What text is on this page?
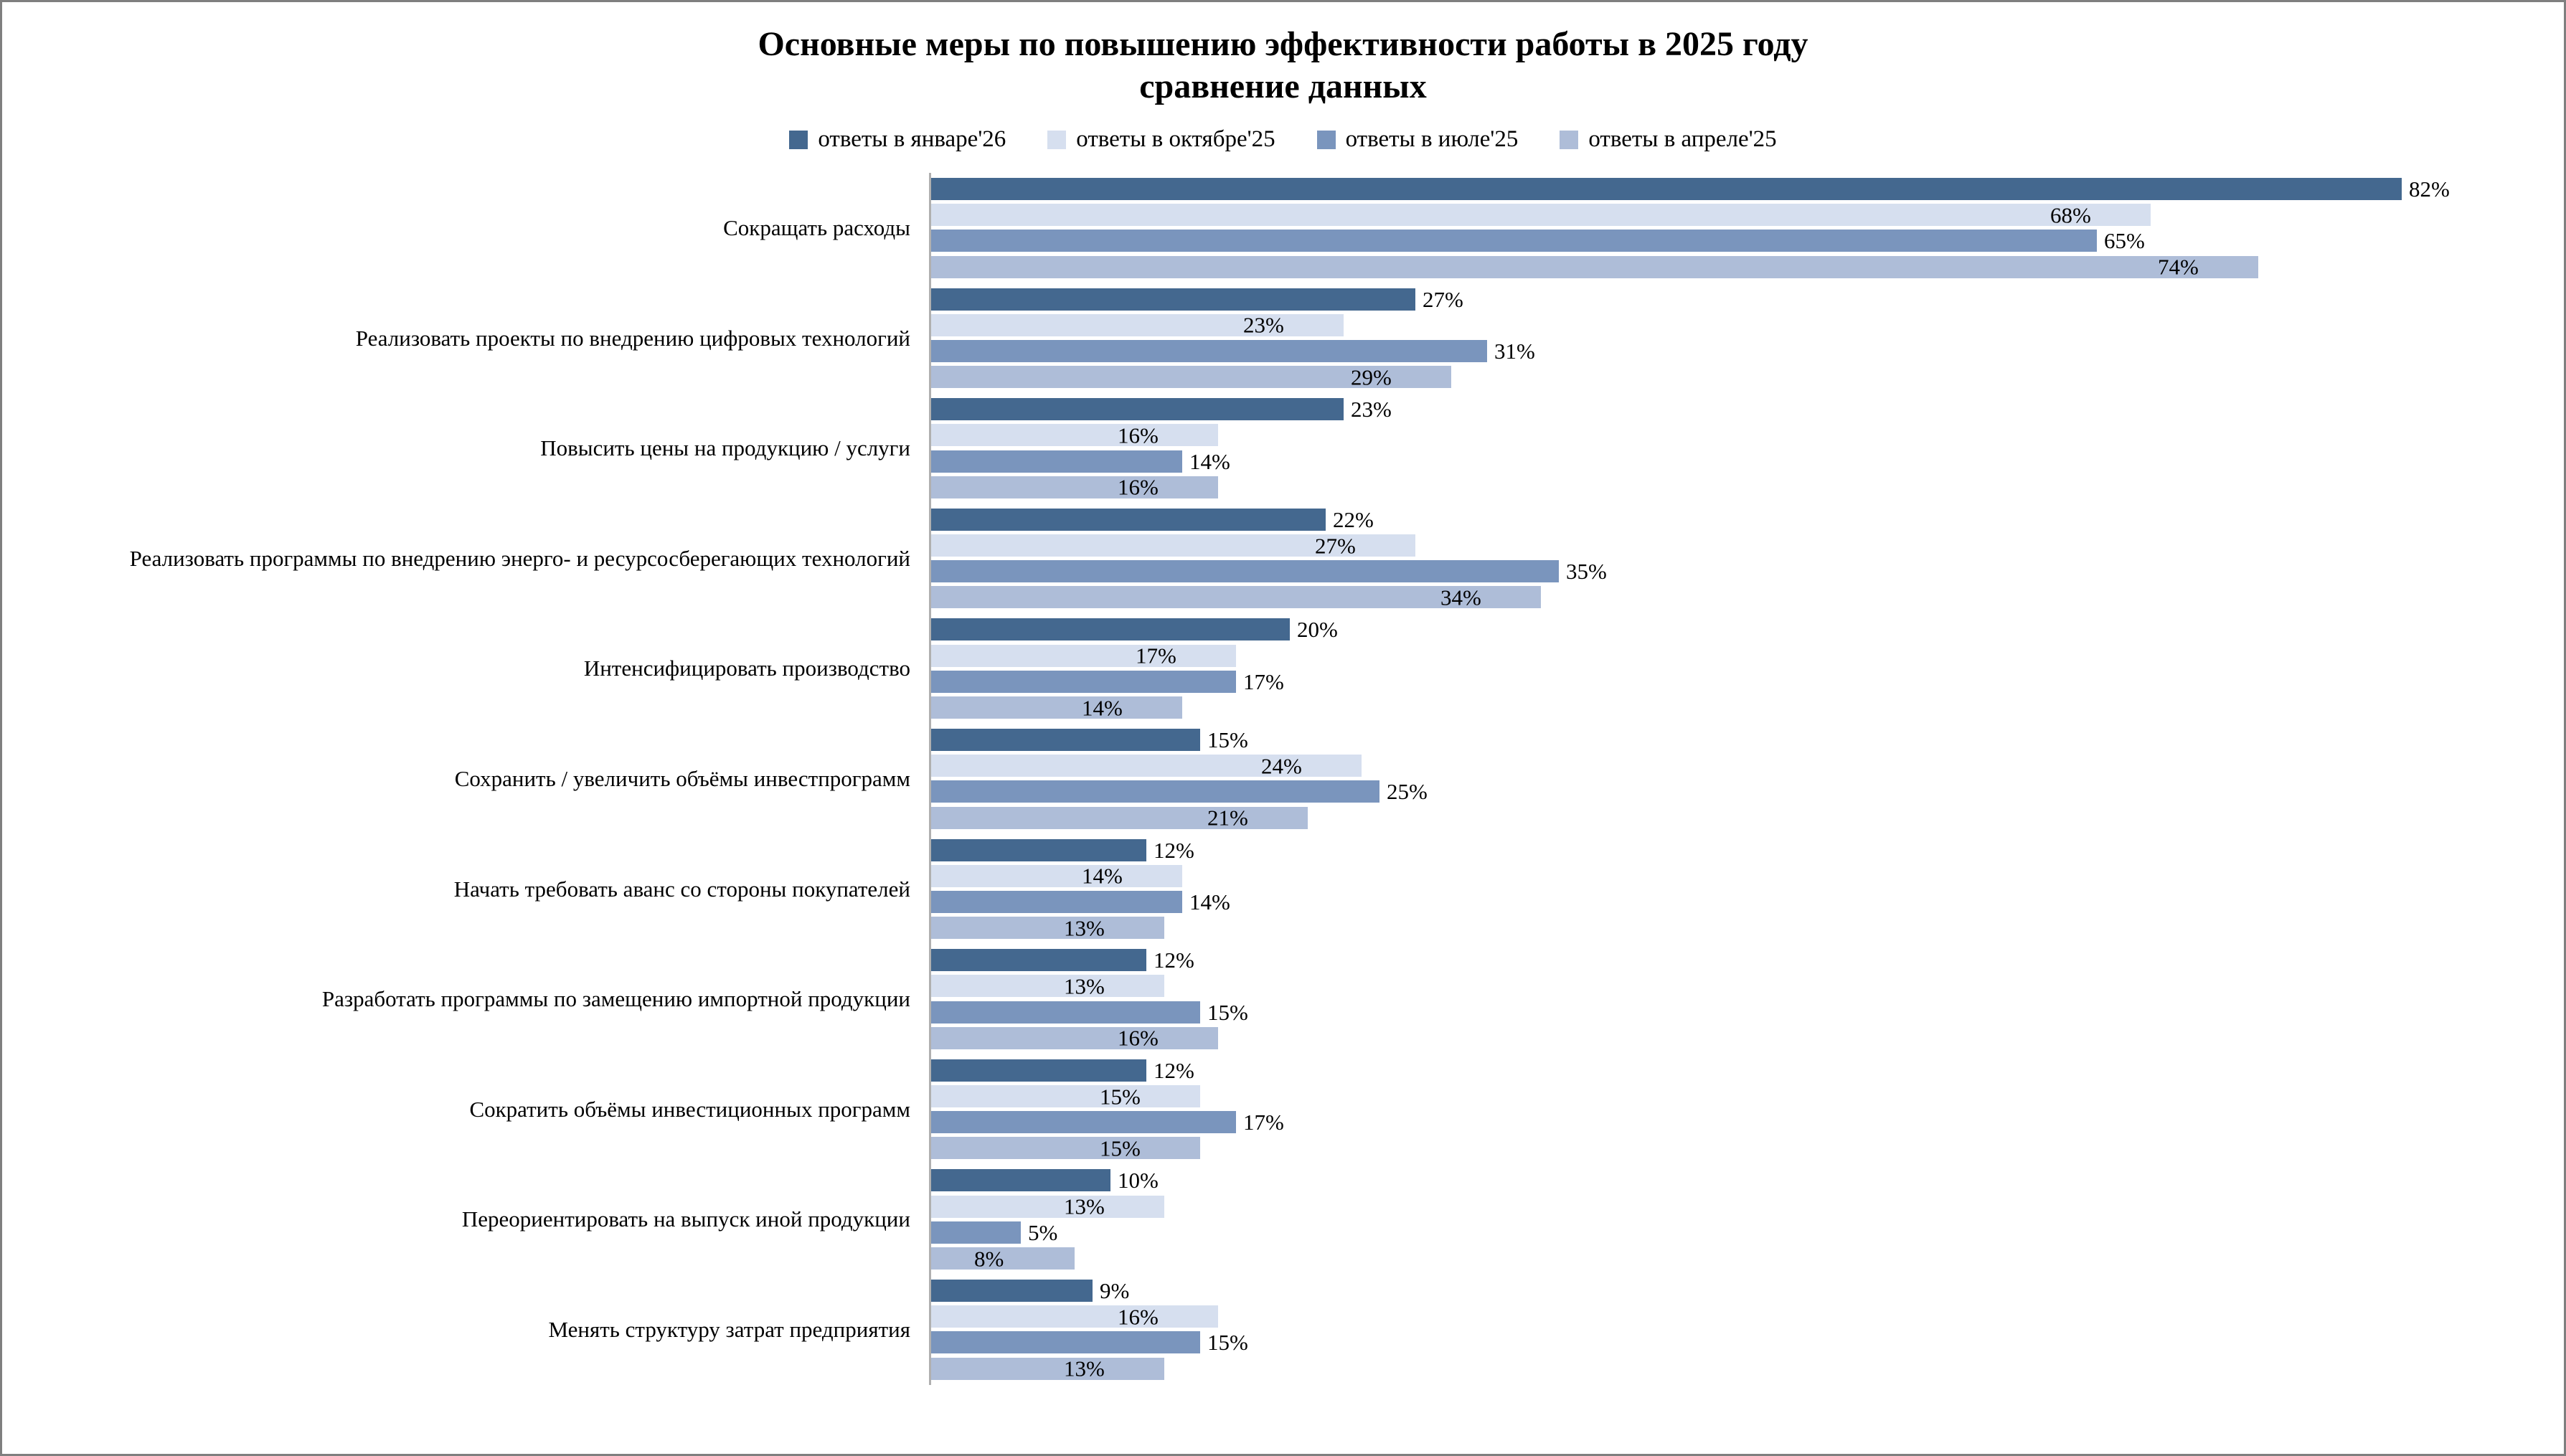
Основные меры по повышению эффективности работы в 2025 году
сравнение данных
ответы в январе'26	ответы в октябре'25	ответы в июле'25	ответы в апреле'25
Сокращать расходы
82%
68%
65%
74%
Реализовать проекты по внедрению цифровых технологий
27%
23%
31%
29%
Повысить цены на продукцию / услуги
23%
16%
14%
16%
Реализовать программы по внедрению энерго- и ресурсосберегающих технологий
22%
27%
35%
34%
Интенсифицировать производство
20%
17%
17%
14%
Сохранить / увеличить объёмы инвестпрограмм
15%
24%
25%
21%
Начать требовать аванс со стороны покупателей
12%
14%
14%
13%
Разработать программы по замещению импортной продукции
12%
13%
15%
16%
Сократить объёмы инвестиционных программ
12%
15%
17%
15%
Переориентировать на выпуск иной продукции
10%
13%
5%
8%
Менять структуру затрат предприятия
9%
16%
15%
13%
